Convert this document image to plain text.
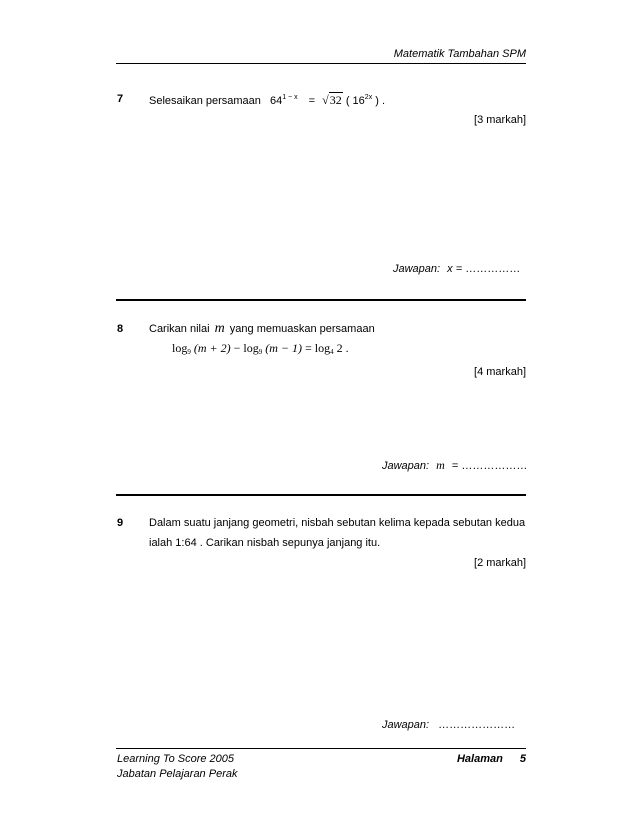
Matematik Tambahan SPM
7 Selesaikan persamaan $64^{1 - x} = √32$ ( $16^{2x}$ ) .
[3 markah]
Jawapan: x = ……………
8 Carikan nilai m yang memuaskan persamaan
$\log_9 (m + 2) - \log_9 (m - 1) = \log_4 2$ .
[4 markah]
Jawapan: m = ………………
9 Dalam suatu janjang geometri, nisbah sebutan kelima kepada sebutan kedua
ialah 1:64 . Carikan nisbah sepunya janjang itu.
[2 markah]
Jawapan: …………………
Learning To Score 2005
Jabatan Pelajaran Perak
Halaman 5
